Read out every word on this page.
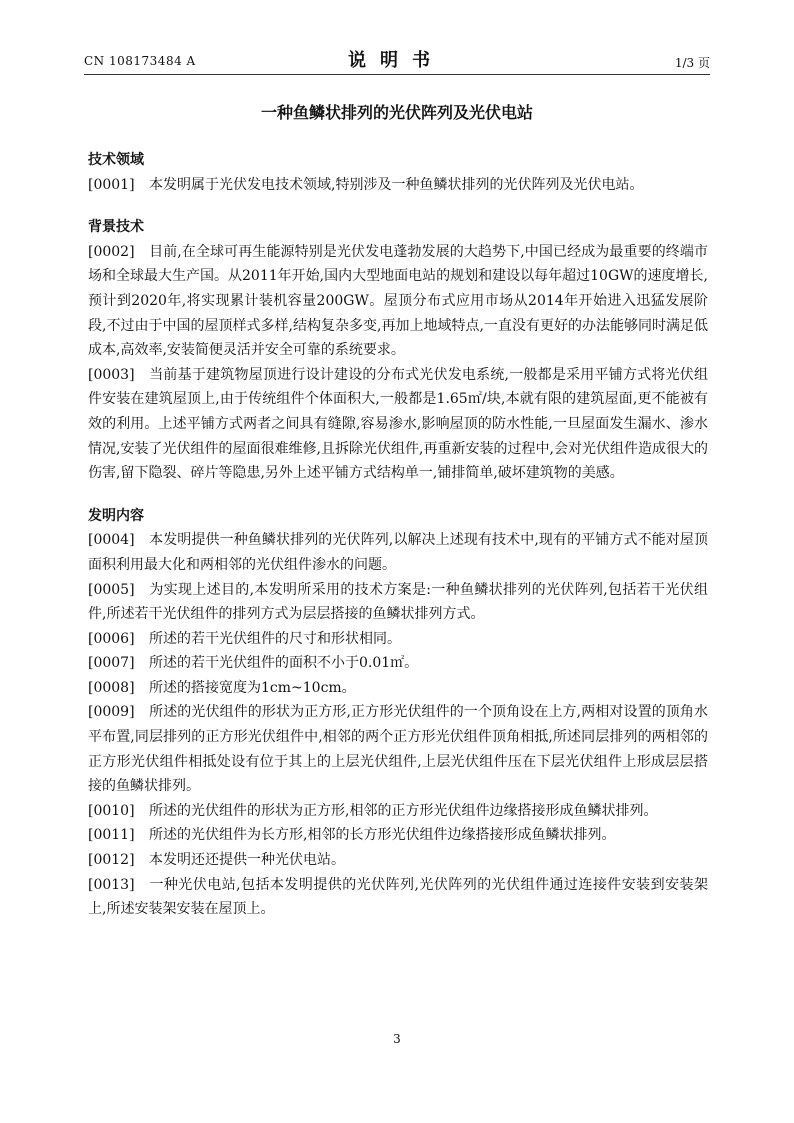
CN 108173484 A	说明书	1/3 页
一种鱼鳞状排列的光伏阵列及光伏电站
技术领域
[0001] 本发明属于光伏发电技术领域,特别涉及一种鱼鳞状排列的光伏阵列及光伏电站。
背景技术
[0002] 目前,在全球可再生能源特别是光伏发电蓬勃发展的大趋势下,中国已经成为最重要的终端市场和全球最大生产国。从2011年开始,国内大型地面电站的规划和建设以每年超过10GW的速度增长,预计到2020年,将实现累计装机容量200GW。屋顶分布式应用市场从2014年开始进入迅猛发展阶段,不过由于中国的屋顶样式多样,结构复杂多变,再加上地域特点,一直没有更好的办法能够同时满足低成本,高效率,安装简便灵活并安全可靠的系统要求。
[0003] 当前基于建筑物屋顶进行设计建设的分布式光伏发电系统,一般都是采用平铺方式将光伏组件安装在建筑屋顶上,由于传统组件个体面积大,一般都是1.65㎡/块,本就有限的建筑屋面,更不能被有效的利用。上述平铺方式两者之间具有缝隙,容易渗水,影响屋顶的防水性能,一旦屋面发生漏水、渗水情况,安装了光伏组件的屋面很难维修,且拆除光伏组件,再重新安装的过程中,会对光伏组件造成很大的伤害,留下隐裂、碎片等隐患,另外上述平铺方式结构单一,铺排简单,破坏建筑物的美感。
发明内容
[0004] 本发明提供一种鱼鳞状排列的光伏阵列,以解决上述现有技术中,现有的平铺方式不能对屋顶面积利用最大化和两相邻的光伏组件渗水的问题。
[0005] 为实现上述目的,本发明所采用的技术方案是:一种鱼鳞状排列的光伏阵列,包括若干光伏组件,所述若干光伏组件的排列方式为层层搭接的鱼鳞状排列方式。
[0006] 所述的若干光伏组件的尺寸和形状相同。
[0007] 所述的若干光伏组件的面积不小于0.01㎡。
[0008] 所述的搭接宽度为1cm~10cm。
[0009] 所述的光伏组件的形状为正方形,正方形光伏组件的一个顶角设在上方,两相对设置的顶角水平布置,同层排列的正方形光伏组件中,相邻的两个正方形光伏组件顶角相抵,所述同层排列的两相邻的正方形光伏组件相抵处设有位于其上的上层光伏组件,上层光伏组件压在下层光伏组件上形成层层搭接的鱼鳞状排列。
[0010] 所述的光伏组件的形状为正方形,相邻的正方形光伏组件边缘搭接形成鱼鳞状排列。
[0011] 所述的光伏组件为长方形,相邻的长方形光伏组件边缘搭接形成鱼鳞状排列。
[0012] 本发明还还提供一种光伏电站。
[0013] 一种光伏电站,包括本发明提供的光伏阵列,光伏阵列的光伏组件通过连接件安装到安装架上,所述安装架安装在屋顶上。
3
